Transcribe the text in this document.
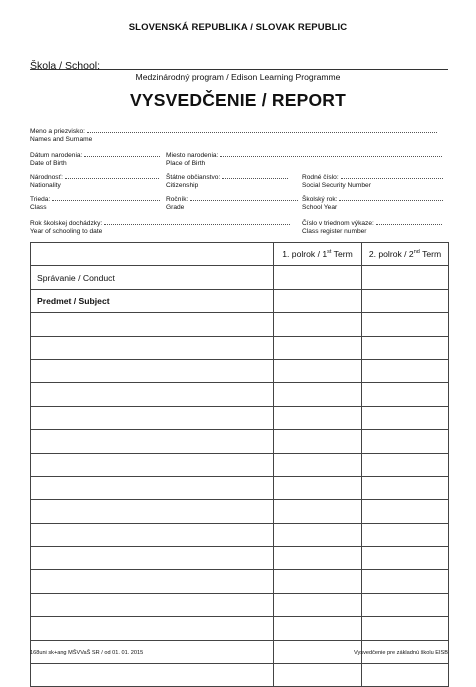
SLOVENSKÁ REPUBLIKA / SLOVAK REPUBLIC
Škola / School:
Medzinárodný program / Edison Learning Programme
VYSVEDČENIE / REPORT
Meno a priezvisko:
Names and Surname
Dátum narodenia:
Date of Birth
Miesto narodenia:
Place of Birth
Národnosť:
Nationality
Štátne občianstvo:
Citizenship
Rodné číslo:
Social Security Number
Trieda:
Class
Ročník:
Grade
Školský rok:
School Year
Rok školskej dochádzky:
Year of schooling to date
Číslo v triednom výkaze:
Class register number
	1. polrok / 1st Term	2. polrok / 2nd Term
Správanie / Conduct		
Predmet / Subject		

168uni sk+ang MŠVVaŠ SR / od 01. 01. 2015	Vysvedčenie pre základnú školu EISB
